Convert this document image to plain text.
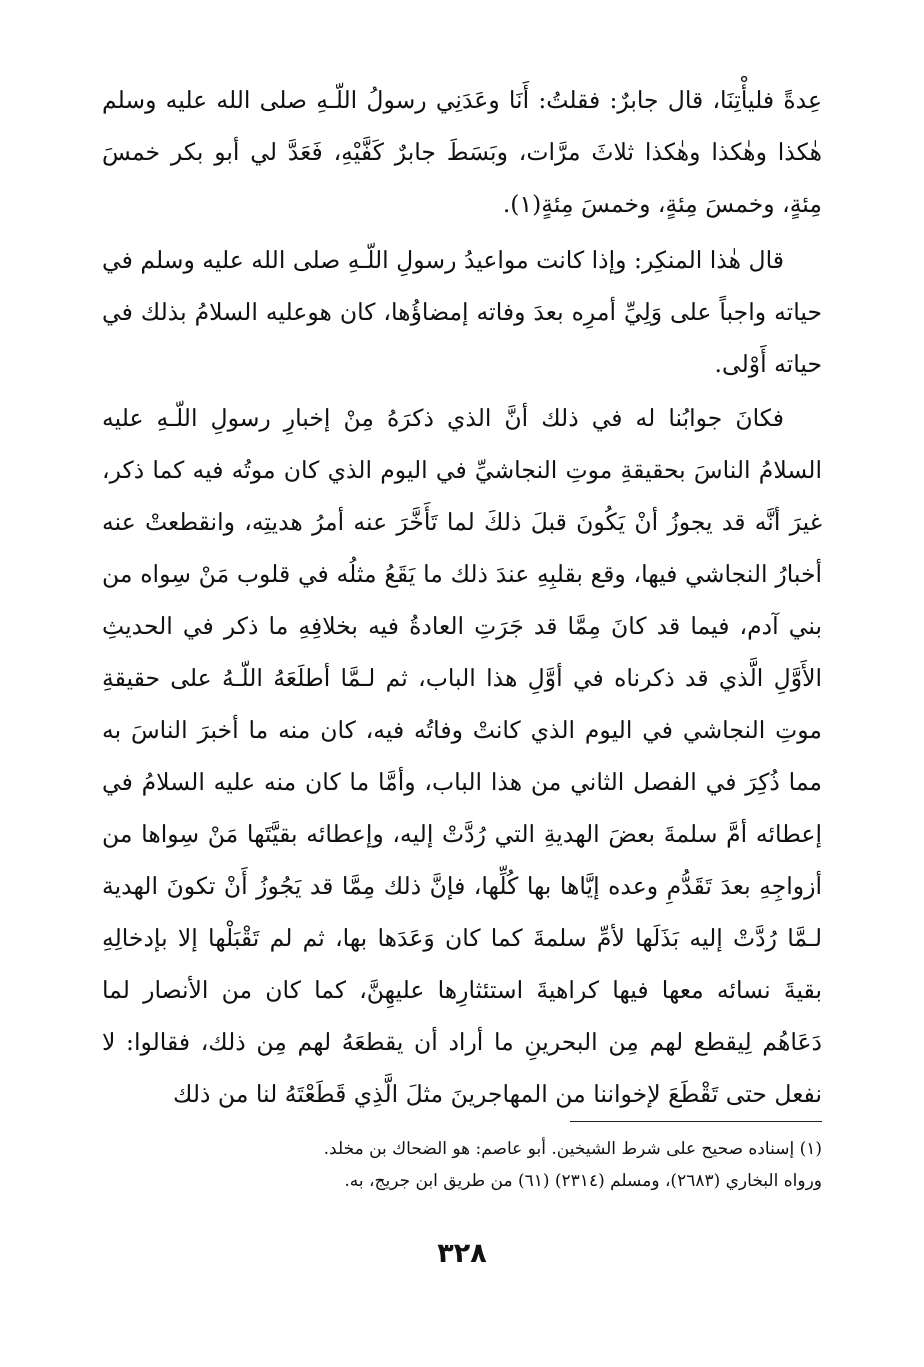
عِدةً فليأْتِنَا، قال جابرٌ: فقلتُ: أَنَا وعَدَنِي رسولُ اللّـهِ صلى الله عليه وسلم هٰكذا وهٰكذا وهٰكذا ثلاثَ مرَّات، وبَسَطَ جابرٌ كَفَّيْهِ، فَعَدَّ لي أبو بكر خمسَ مِئةٍ، وخمسَ مِئةٍ، وخمسَ مِئةٍ(١).

قال هٰذا المنكِر: وإذا كانت مواعيدُ رسولِ اللّـهِ صلى الله عليه وسلم في حياته واجباً على وَلِيِّ أمرِه بعدَ وفاته إمضاؤُها، كان هوعليه السلامُ بذلك في حياته أَوْلى.

فكانَ جوابُنا له في ذلك أنَّ الذي ذكرَهُ مِنْ إخبارِ رسولِ اللّـهِ عليه السلامُ الناسَ بحقيقةِ موتِ النجاشيِّ في اليوم الذي كان موتُه فيه كما ذكر، غيرَ أنَّه قد يجوزُ أنْ يَكُونَ قبلَ ذلكَ لما تَأَخَّرَ عنه أمرُ هديتِه، وانقطعتْ عنه أخبارُ النجاشي فيها، وقع بقلبِهِ عندَ ذلك ما يَقَعُ مثلُه في قلوب مَنْ سِواه من بني آدم، فيما قد كانَ مِمَّا قد جَرَتِ العادةُ فيه بخلافِهِ ما ذكر في الحديثِ الأَوَّلِ الَّذي قد ذكرناه في أوَّلِ هذا الباب، ثم لـمَّا أطلَعَهُ اللّـهُ على حقيقةِ موتِ النجاشي في اليوم الذي كانتْ وفاتُه فيه، كان منه ما أخبرَ الناسَ به مما ذُكِرَ في الفصل الثاني من هذا الباب، وأمَّا ما كان منه عليه السلامُ في إعطائه أمَّ سلمةَ بعضَ الهديةِ التي رُدَّتْ إليه، وإعطائه بقيَّتَها مَنْ سِواها من أزواجِهِ بعدَ تَقَدُّمِ وعده إيَّاها بها كُلِّها، فإنَّ ذلك مِمَّا قد يَجُوزُ أَنْ تكونَ الهدية لـمَّا رُدَّتْ إليه بَذَلَها لأمِّ سلمةَ كما كان وَعَدَها بها، ثم لم تَقْبَلْها إلا بإدخالِهِ بقيةَ نسائه معها فيها كراهيةَ استئثارِها عليهِنَّ، كما كان من الأنصار لما دَعَاهُم لِيقطع لهم مِن البحرينِ ما أراد أن يقطعَهُ لهم مِن ذلك، فقالوا: لا نفعل حتى تَقْطَعَ لإخواننا من المهاجرينَ مثلَ الَّذِي قَطَعْتَهُ لنا من ذلك

(١) إسناده صحيح على شرط الشيخين. أبو عاصم: هو الضحاك بن مخلد.
ورواه البخاري (٢٦٨٣)، ومسلم (٢٣١٤) (٦١) من طريق ابن جريج، به.
٣٢٨
